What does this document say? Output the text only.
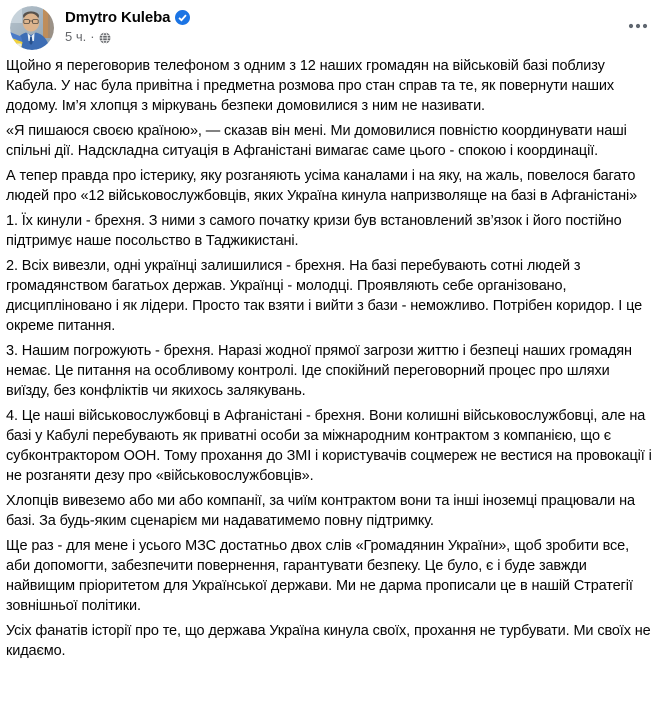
Dmytro Kuleba
5 ч. ·

Щойно я переговорив телефоном з одним з 12 наших громадян на військовій базі поблизу Кабула. У нас була привітна і предметна розмова про стан справ та те, як повернути наших додому. Ім’я хлопця з міркувань безпеки домовилися з ним не називати.

«Я пишаюся своєю країною», — сказав він мені. Ми домовилися повністю координувати наші спільні дії. Надскладна ситуація в Афганістані вимагає саме цього - спокою і координації.

А тепер правда про істерику, яку розганяють усіма каналами і на яку, на жаль, повелося багато людей про «12 військовослужбовців, яких Україна кинула напризволяще на базі в Афганістані»

1. Їх кинули - брехня. З ними з самого початку кризи був встановлений зв’язок і його постійно підтримує наше посольство в Таджикистані.

2. Всіх вивезли, одні українці залишилися - брехня. На базі перебувають сотні людей з громадянством багатьох держав. Українці - молодці. Проявляють себе організовано, дисципліновано і як лідери. Просто так взяти і вийти з бази - неможливо. Потрібен коридор. І це окреме питання.

3. Нашим погрожують - брехня. Наразі жодної прямої загрози життю і безпеці наших громадян немає. Це питання на особливому контролі. Іде спокійний переговорний процес про шляхи виїзду, без конфліктів чи якихось залякувань.

4. Це наші військовослужбовці в Афганістані - брехня. Вони колишні військовослужбовці, але на базі у Кабулі перебувають як приватні особи за міжнародним контрактом з компанією, що є субконтрактором ООН. Тому прохання до ЗМІ і користувачів соцмереж не вестися на провокації і не розганяти дезу про «військовослужбовців».

Хлопців вивеземо або ми або компанії, за чиїм контрактом вони та інші іноземці працювали на базі. За будь-яким сценарієм ми надаватимемо повну підтримку.

Ще раз - для мене і усього МЗС достатньо двох слів «Громадянин України», щоб зробити все, аби допомогти, забезпечити повернення, гарантувати безпеку. Це було, є і буде завжди найвищим пріоритетом для Української держави. Ми не дарма прописали це в нашій Стратегії зовнішньої політики.

Усіх фанатів історії про те, що держава Україна кинула своїх, прохання не турбувати. Ми своїх не кидаємо.
